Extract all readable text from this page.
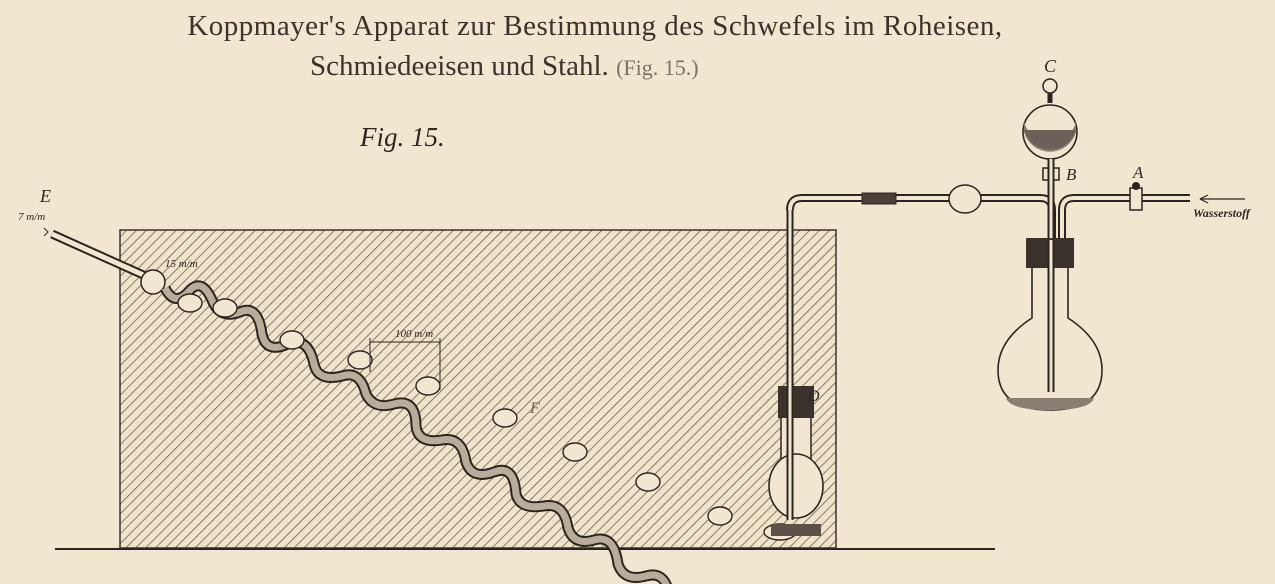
Koppmayer's Apparat zur Bestimmung des Schwefels im Roheisen,
Schmiedeeisen und Stahl. (Fig. 15.)
Fig. 15.
E
C
B	A
D
F
Wasserstoff
7 m/m
15 m/m
100 m/m
